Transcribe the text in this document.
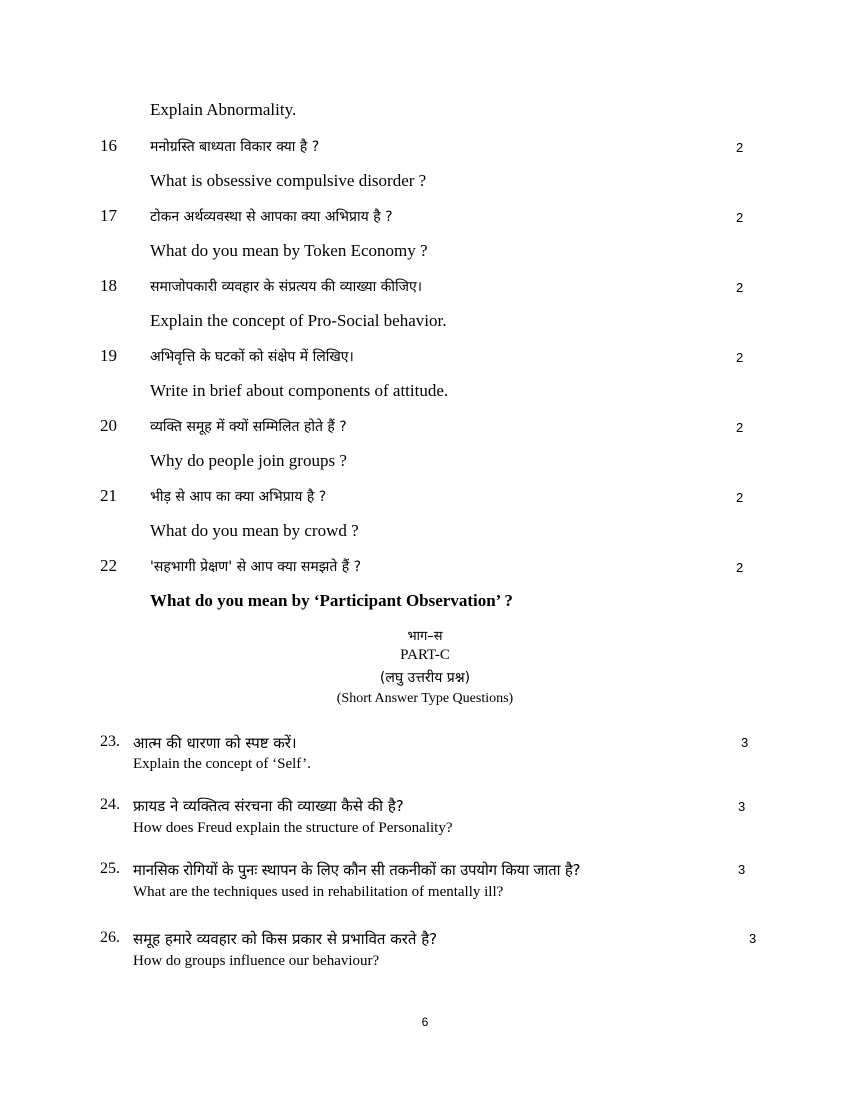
Explain Abnormality.
16 मनोग्रस्ति बाध्यता विकार क्या है ?	2
What is obsessive compulsive disorder ?
17 टोकन अर्थव्यवस्था से आपका क्या अभिप्राय है ?	2
What do you mean by Token Economy ?
18 समाजोपकारी व्यवहार के संप्रत्यय की व्याख्या कीजिए।	2
Explain the concept of Pro-Social behavior.
19 अभिवृत्ति के घटकों को संक्षेप में लिखिए।	2
Write in brief about components of attitude.
20 व्यक्ति समूह में क्यों सम्मिलित होते हैं ?	2
Why do people join groups ?
21 भीड़ से आप का क्या अभिप्राय है ?	2
What do you mean by crowd ?
22 'सहभागी प्रेक्षण' से आप क्या समझते हैं ?	2
What do you mean by ‘Participant Observation’ ?
भाग–स
PART-C
(लघु उत्तरीय प्रश्न)
(Short Answer Type Questions)
23. आत्म की धारणा को स्पष्ट करें।	3
Explain the concept of ‘Self’.
24. फ्रायड ने व्यक्तित्व संरचना की व्याख्या कैसे की है?	3
How does Freud explain the structure of Personality?
25. मानसिक रोगियों के पुनः स्थापन के लिए कौन सी तकनीकों का उपयोग किया जाता है?	3
What are the techniques used in rehabilitation of mentally ill?
26. समूह हमारे व्यवहार को किस प्रकार से प्रभावित करते है?	3
How do groups influence our behaviour?
6
